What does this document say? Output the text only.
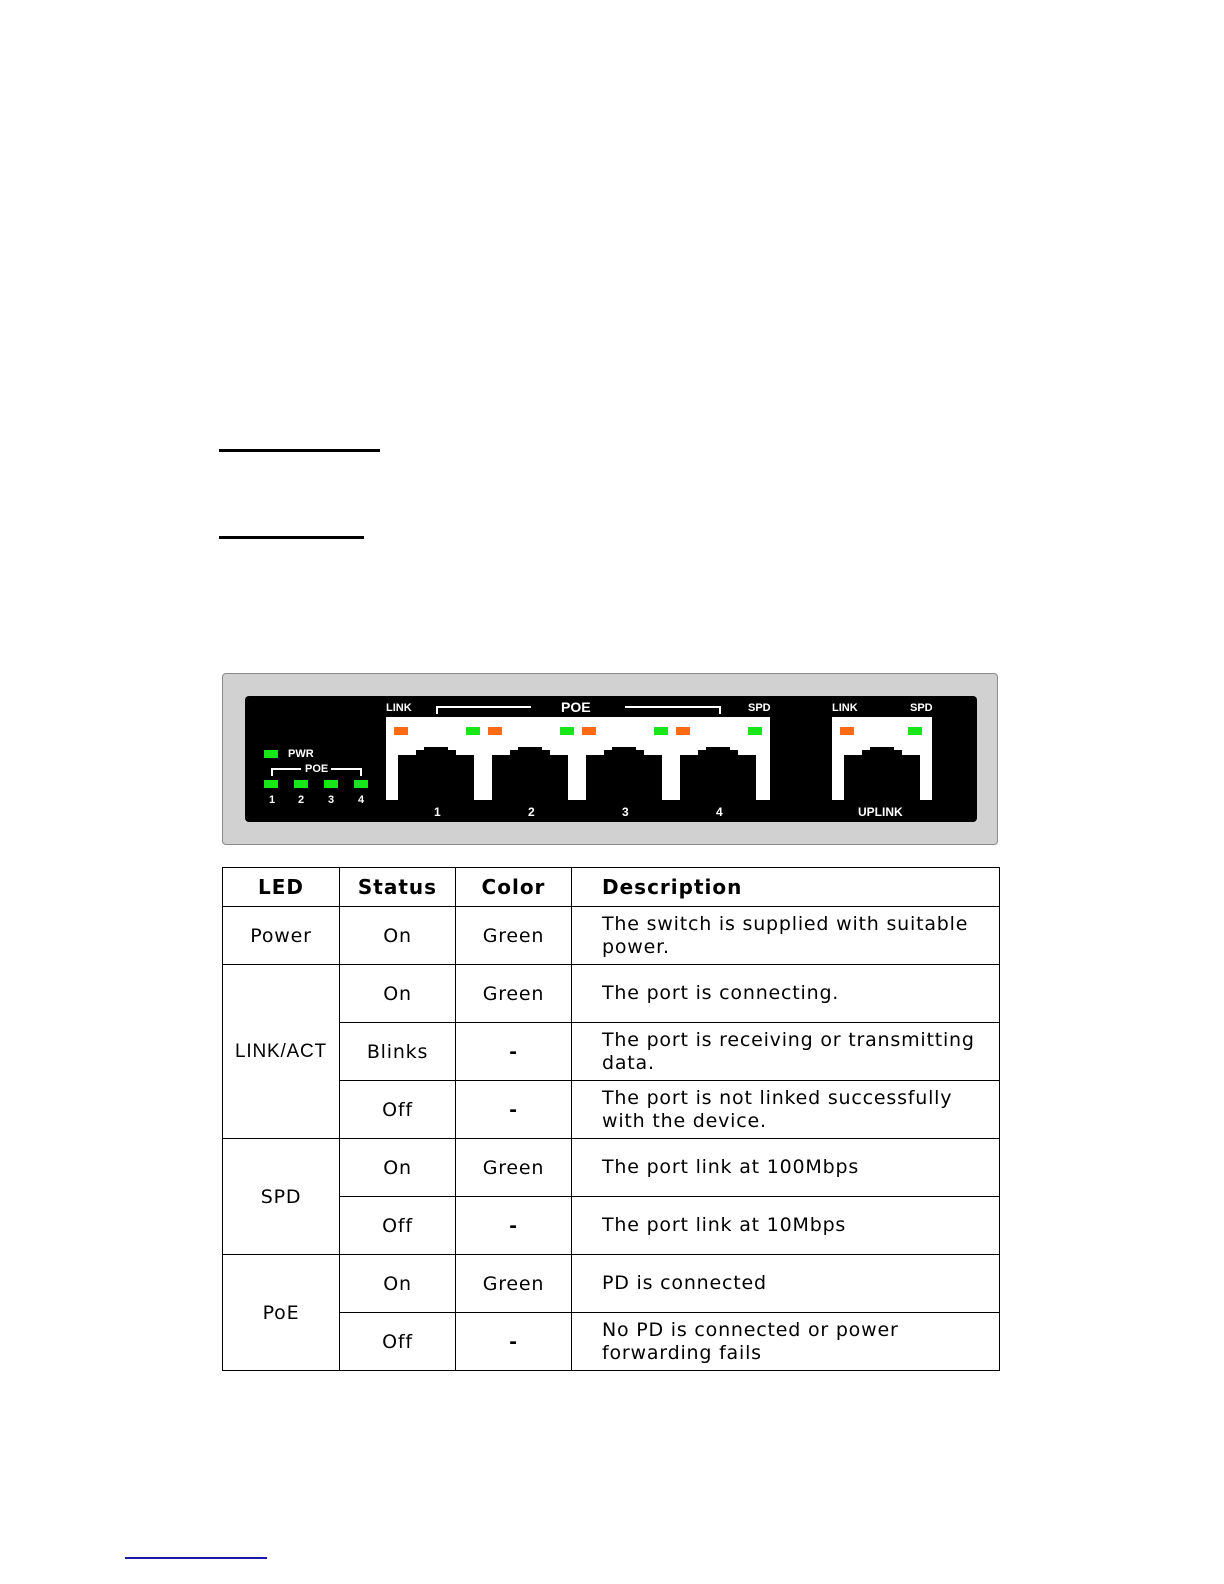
PWR
POE
1 2 3 4
LINK	POE	SPD
1	2	3	4
LINK	SPD
UPLINK
LED	Status	Color	Description
Power	On	Green	The switch is supplied with suitable power.
LINK/ACT	On	Green	The port is connecting.
	Blinks	-	The port is receiving or transmitting data.
	Off	-	The port is not linked successfully with the device.
SPD	On	Green	The port link at 100Mbps
	Off	-	The port link at 10Mbps
PoE	On	Green	PD is connected
	Off	-	No PD is connected or power forwarding fails
